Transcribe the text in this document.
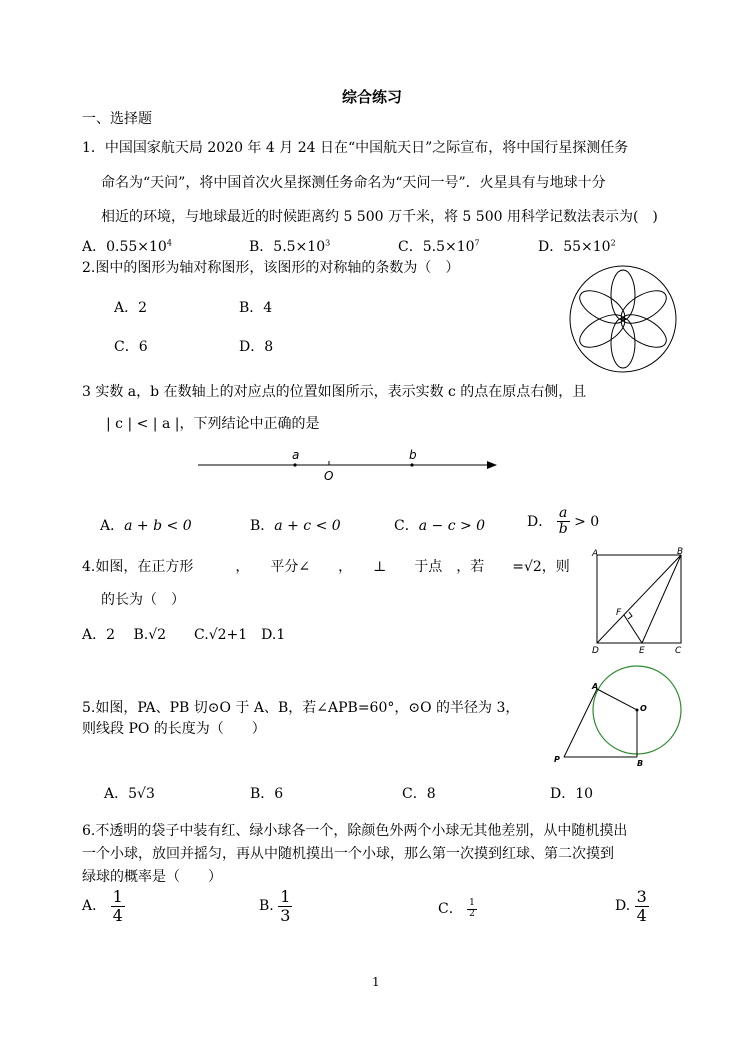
综合练习
一、选择题
1．中国国家航天局 2020 年 4 月 24 日在“中国航天日”之际宣布，将中国行星探测任务
命名为“天问”，将中国首次火星探测任务命名为“天问一号”．火星具有与地球十分
相近的环境，与地球最近的时候距离约 5 500 万千米，将 5 500 用科学记数法表示为(　)
A．$0.55\times 10^4$	B．$5.5\times 10^3$	C．$5.5\times 10^7$	D．$55\times 10^2$
2.图中的图形为轴对称图形，该图形的对称轴的条数为（　）
A．2	B．4
C．6	D．8
3 实数 a，b 在数轴上的对应点的位置如图所示，表示实数 c 的点在原点右侧，且
| c | < | a |，下列结论中正确的是
a	b
O
A．a + b < 0	B．a + c < 0	C．a − c > 0	D． $\frac{a}{b} > 0$
4.如图，在正方形　　　，　　平分∠　　，　　⊥　　于点　，若　　=√2，则
的长为（　）
A．2　 B.√2　　C.√2+1　D.1
A	B
C
D	E
F
5.如图，PA、PB 切⊙O 于 A、B，若∠APB=60°，⊙O 的半径为 3，
则线段 PO 的长度为（　　）
A．5√3	B．6	C．8	D．10
A
O
P	B
6.不透明的袋子中装有红、绿小球各一个，除颜色外两个小球无其他差别，从中随机摸出
一个小球，放回并摇匀，再从中随机摸出一个小球，那么第一次摸到红球、第二次摸到
绿球的概率是（　　）
A． $\frac{1}{4}$	B. $\frac{1}{3}$	C． $\frac{1}{2}$	D. $\frac{3}{4}$
1
